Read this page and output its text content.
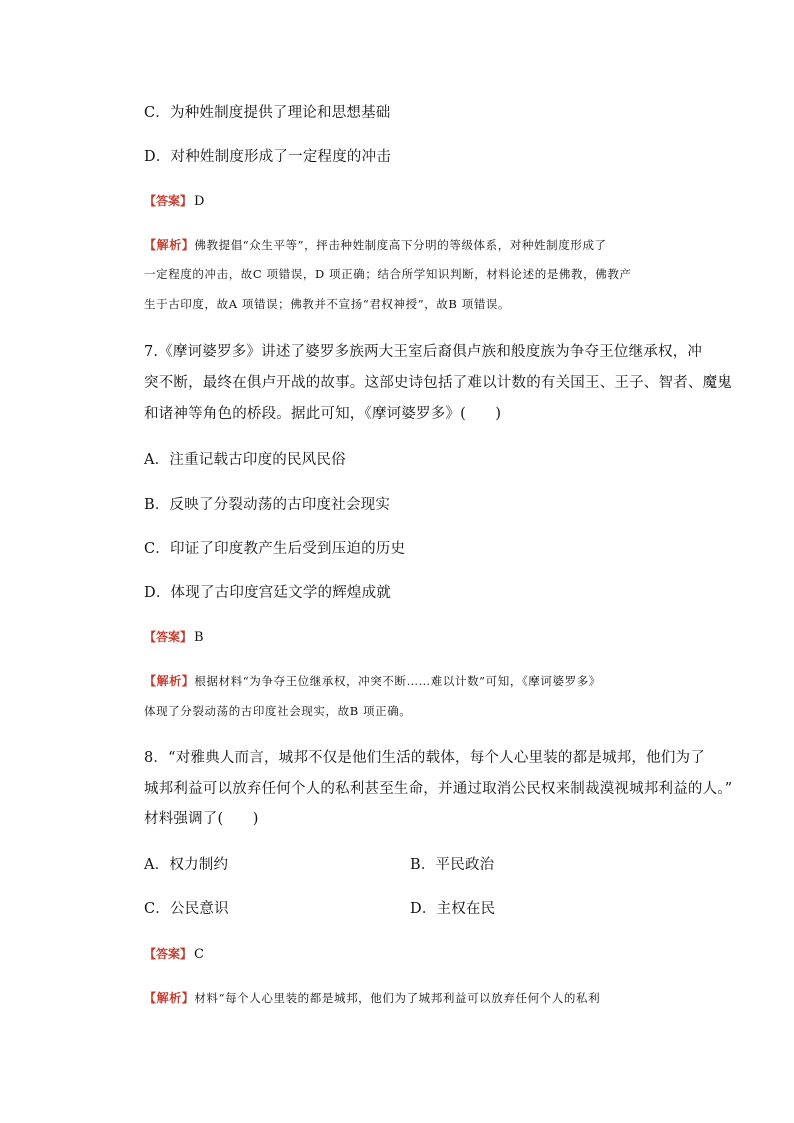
C．为种姓制度提供了理论和思想基础
D．对种姓制度形成了一定程度的冲击
【答案】 D
【解析】佛教提倡“众生平等”，抨击种姓制度高下分明的等级体系，对种姓制度形成了
一定程度的冲击，故C 项错误，D 项正确；结合所学知识判断，材料论述的是佛教，佛教产
生于古印度，故A 项错误；佛教并不宣扬“君权神授”，故B 项错误。
7.《摩诃婆罗多》讲述了婆罗多族两大王室后裔俱卢族和般度族为争夺王位继承权，冲
突不断，最终在俱卢开战的故事。这部史诗包括了难以计数的有关国王、王子、智者、魔鬼
和诸神等角色的桥段。据此可知，《摩诃婆罗多》(　　)
A．注重记载古印度的民风民俗
B．反映了分裂动荡的古印度社会现实
C．印证了印度教产生后受到压迫的历史
D．体现了古印度宫廷文学的辉煌成就
【答案】 B
【解析】根据材料“为争夺王位继承权，冲突不断……难以计数”可知，《摩诃婆罗多》
体现了分裂动荡的古印度社会现实，故B 项正确。
8．“对雅典人而言，城邦不仅是他们生活的载体，每个人心里装的都是城邦，他们为了
城邦利益可以放弃任何个人的私利甚至生命，并通过取消公民权来制裁漠视城邦利益的人。”
材料强调了(　　)
A．权力制约	B．平民政治
C．公民意识	D．主权在民
【答案】 C
【解析】材料“每个人心里装的都是城邦，他们为了城邦利益可以放弃任何个人的私利
